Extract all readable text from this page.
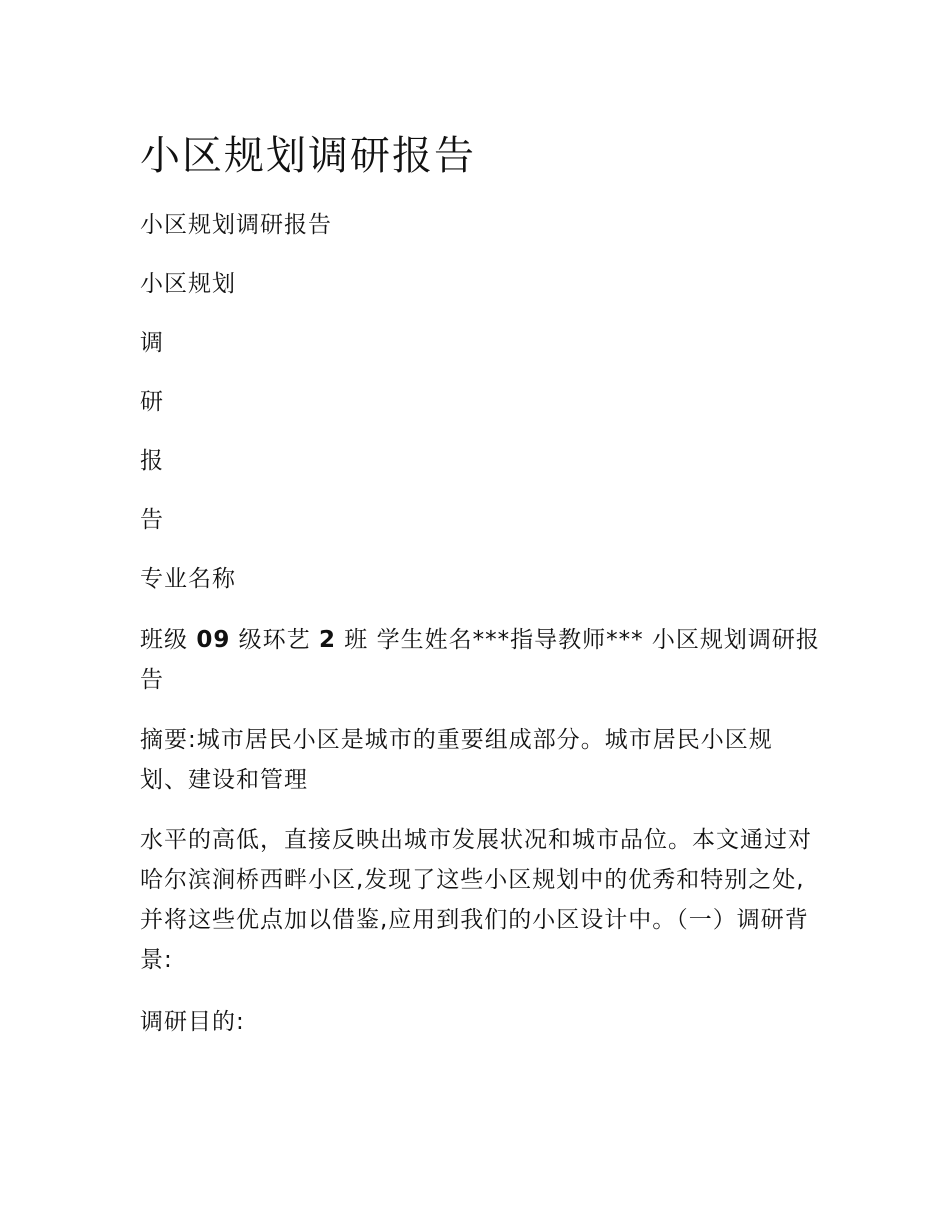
小区规划调研报告

小区规划调研报告

小区规划

调

研

报

告

专业名称

班级 09 级环艺 2 班 学生姓名***指导教师*** 小区规划调研报告

摘要:城市居民小区是城市的重要组成部分。城市居民小区规划、建设和管理

水平的高低，直接反映出城市发展状况和城市品位。本文通过对哈尔滨涧桥西畔小区,发现了这些小区规划中的优秀和特别之处,并将这些优点加以借鉴,应用到我们的小区设计中。（一）调研背景:

调研目的:
